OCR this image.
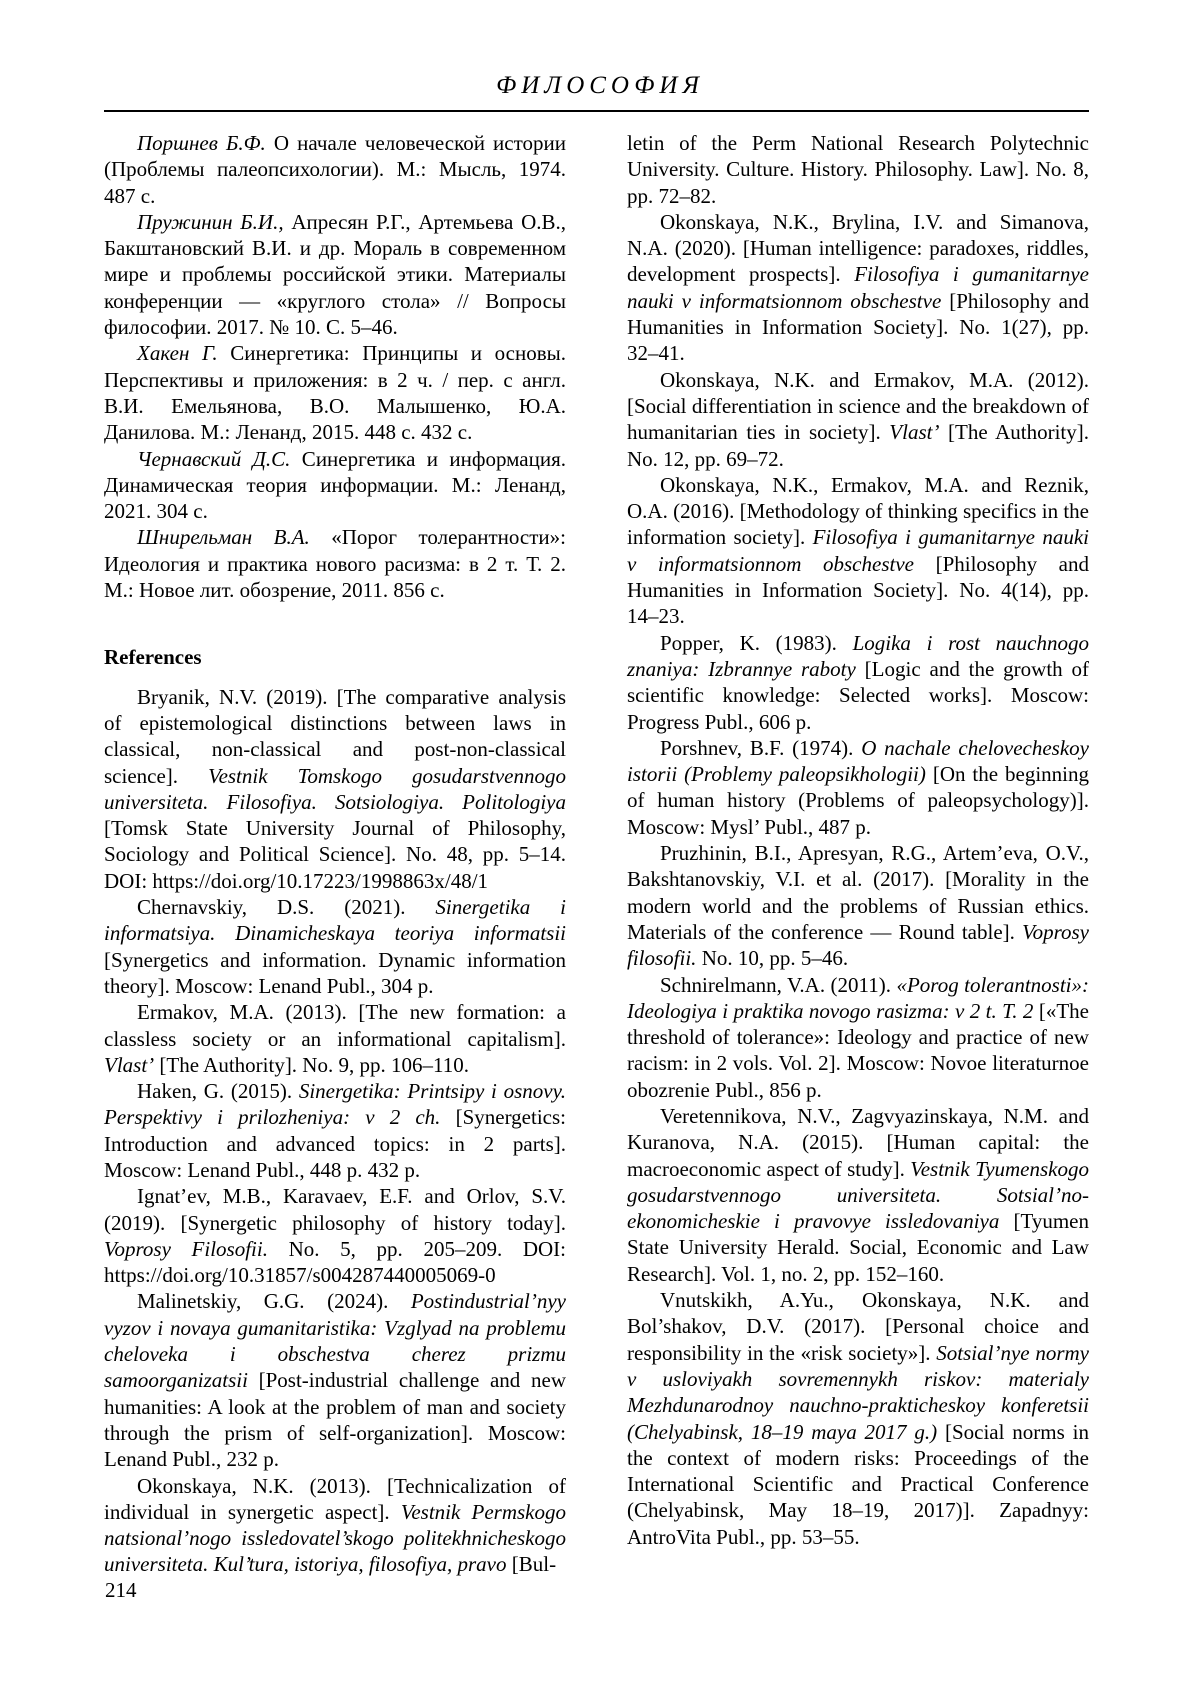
ФИЛОСОФИЯ

Поршнев Б.Ф. О начале человеческой истории (Проблемы палеопсихологии). М.: Мысль, 1974. 487 с.

Пружинин Б.И., Апресян Р.Г., Артемьева О.В., Бакштановский В.И. и др. Мораль в современном мире и проблемы российской этики. Материалы конференции — «круглого стола» // Вопросы философии. 2017. № 10. С. 5–46.

Хакен Г. Синергетика: Принципы и основы. Перспективы и приложения: в 2 ч. / пер. с англ. В.И. Емельянова, В.О. Малышенко, Ю.А. Данилова. М.: Ленанд, 2015. 448 с. 432 с.

Чернавский Д.С. Синергетика и информация. Динамическая теория информации. М.: Ленанд, 2021. 304 с.

Шнирельман В.А. «Порог толерантности»: Идеология и практика нового расизма: в 2 т. Т. 2. М.: Новое лит. обозрение, 2011. 856 с.

References

Bryanik, N.V. (2019). [The comparative analysis of epistemological distinctions between laws in classical, non-classical and post-non-classical science]. Vestnik Tomskogo gosudarstvennogo universiteta. Filosofiya. Sotsiologiya. Politologiya [Tomsk State University Journal of Philosophy, Sociology and Political Science]. No. 48, pp. 5–14. DOI: https://doi.org/10.17223/1998863x/48/1

Chernavskiy, D.S. (2021). Sinergetika i informatsiya. Dinamicheskaya teoriya informatsii [Synergetics and information. Dynamic information theory]. Moscow: Lenand Publ., 304 p.

Ermakov, M.A. (2013). [The new formation: a classless society or an informational capitalism]. Vlast’ [The Authority]. No. 9, pp. 106–110.

Haken, G. (2015). Sinergetika: Printsipy i osnovy. Perspektivy i prilozheniya: v 2 ch. [Synergetics: Introduction and advanced topics: in 2 parts]. Moscow: Lenand Publ., 448 p. 432 p.

Ignat’ev, M.B., Karavaev, E.F. and Orlov, S.V. (2019). [Synergetic philosophy of history today]. Voprosy Filosofii. No. 5, pp. 205–209. DOI: https://doi.org/10.31857/s004287440005069-0

Malinetskiy, G.G. (2024). Postindustrial’nyy vyzov i novaya gumanitaristika: Vzglyad na problemu cheloveka i obschestva cherez prizmu samoorganizatsii [Post-industrial challenge and new humanities: A look at the problem of man and society through the prism of self-organization]. Moscow: Lenand Publ., 232 p.

Okonskaya, N.K. (2013). [Technicalization of individual in synergetic aspect]. Vestnik Permskogo natsional’nogo issledovatel’skogo politekhnicheskogo universiteta. Kul’tura, istoriya, filosofiya, pravo [Bul-

letin of the Perm National Research Polytechnic University. Culture. History. Philosophy. Law]. No. 8, pp. 72–82.

Okonskaya, N.K., Brylina, I.V. and Simanova, N.A. (2020). [Human intelligence: paradoxes, riddles, development prospects]. Filosofiya i gumanitarnye nauki v informatsionnom obschestve [Philosophy and Humanities in Information Society]. No. 1(27), pp. 32–41.

Okonskaya, N.K. and Ermakov, M.A. (2012). [Social differentiation in science and the breakdown of humanitarian ties in society]. Vlast’ [The Authority]. No. 12, pp. 69–72.

Okonskaya, N.K., Ermakov, M.A. and Reznik, O.A. (2016). [Methodology of thinking specifics in the information society]. Filosofiya i gumanitarnye nauki v informatsionnom obschestve [Philosophy and Humanities in Information Society]. No. 4(14), pp. 14–23.

Popper, K. (1983). Logika i rost nauchnogo znaniya: Izbrannye raboty [Logic and the growth of scientific knowledge: Selected works]. Moscow: Progress Publ., 606 p.

Porshnev, B.F. (1974). O nachale chelovecheskoy istorii (Problemy paleopsikhologii) [On the beginning of human history (Problems of paleopsychology)]. Moscow: Mysl’ Publ., 487 p.

Pruzhinin, B.I., Apresyan, R.G., Artem’eva, O.V., Bakshtanovskiy, V.I. et al. (2017). [Morality in the modern world and the problems of Russian ethics. Materials of the conference — Round table]. Voprosy filosofii. No. 10, pp. 5–46.

Schnirelmann, V.A. (2011). «Porog tolerantnosti»: Ideologiya i praktika novogo rasizma: v 2 t. T. 2 [«The threshold of tolerance»: Ideology and practice of new racism: in 2 vols. Vol. 2]. Moscow: Novoe literaturnoe obozrenie Publ., 856 p.

Veretennikova, N.V., Zagvyazinskaya, N.M. and Kuranova, N.A. (2015). [Human capital: the macroeconomic aspect of study]. Vestnik Tyumenskogo gosudarstvennogo universiteta. Sotsial’no-ekonomicheskie i pravovye issledovaniya [Tyumen State University Herald. Social, Economic and Law Research]. Vol. 1, no. 2, pp. 152–160.

Vnutskikh, A.Yu., Okonskaya, N.K. and Bol’shakov, D.V. (2017). [Personal choice and responsibility in the «risk society»]. Sotsial’nye normy v usloviyakh sovremennykh riskov: materialy Mezhdunarodnoy nauchno-prakticheskoy konferetsii (Chelyabinsk, 18–19 maya 2017 g.) [Social norms in the context of modern risks: Proceedings of the International Scientific and Practical Conference (Chelyabinsk, May 18–19, 2017)]. Zapadnyy: AntroVita Publ., pp. 53–55.

214
